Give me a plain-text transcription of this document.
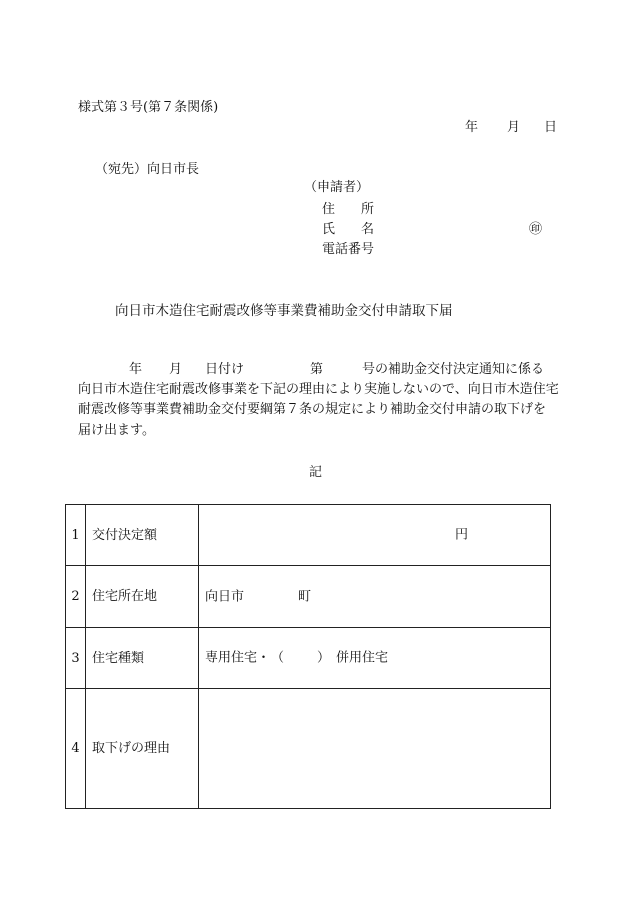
様式第３号(第７条関係)
年 月 日
（宛先）向日市長
（申請者）
住　　所
氏　　名	㊞
電話番号
向日市木造住宅耐震改修等事業費補助金交付申請取下届
年 月 日付け	第	号の補助金交付決定通知に係る
向日市木造住宅耐震改修事業を下記の理由により実施しないので、向日市木造住宅
耐震改修等事業費補助金交付要綱第７条の規定により補助金交付申請の取下げを
届け出ます。
記
1	交付決定額	円

2	住宅所在地	向日市 町

3	住宅種類	専用住宅・ （ ） 併用住宅

4	取下げの理由	
